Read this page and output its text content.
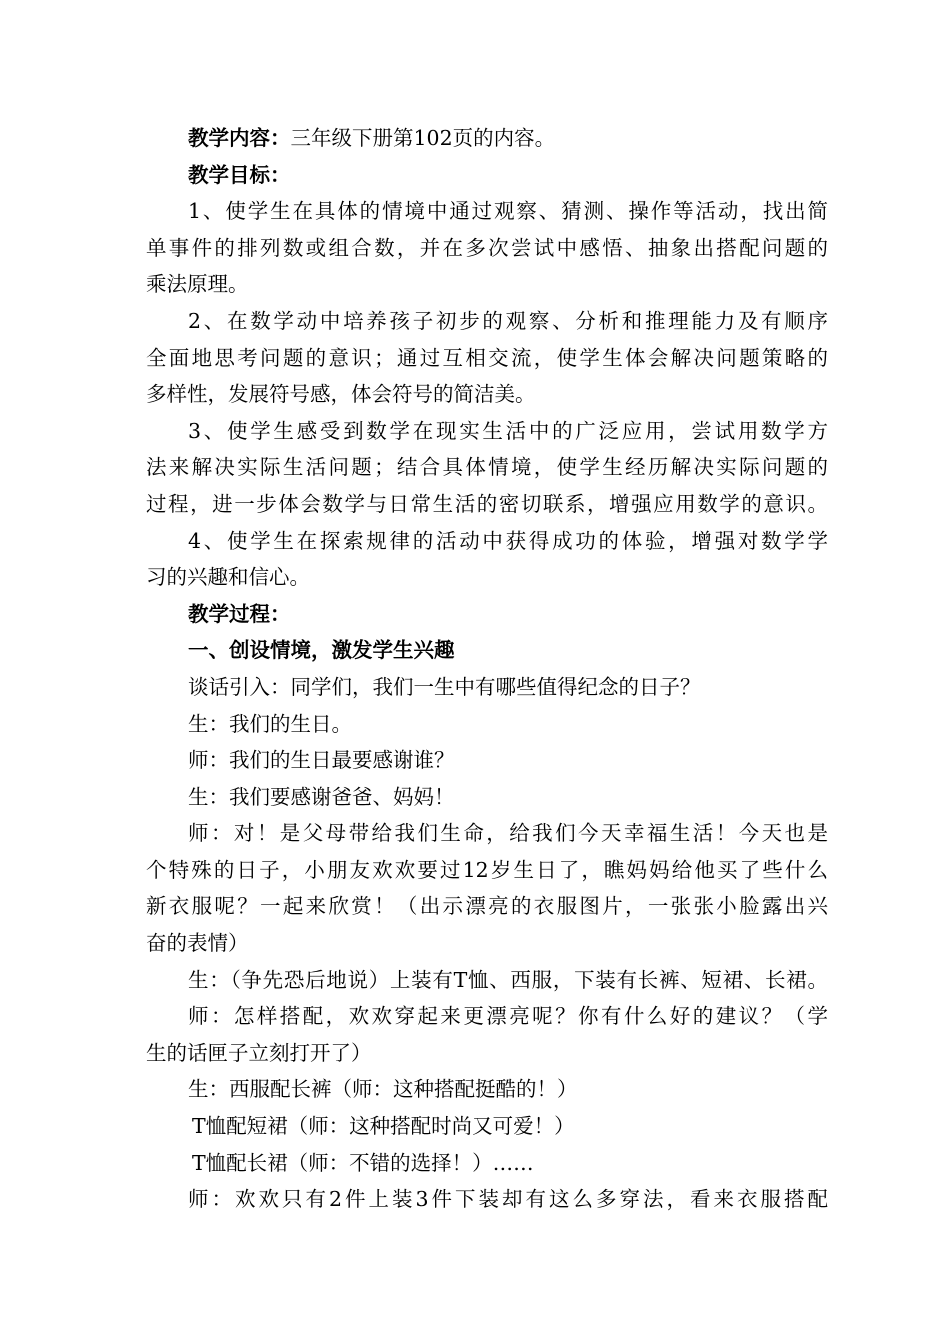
教学内容：三年级下册第102页的内容。
教学目标：
1、使学生在具体的情境中通过观察、猜测、操作等活动，找出简
单事件的排列数或组合数，并在多次尝试中感悟、抽象出搭配问题的
乘法原理。
2、在数学动中培养孩子初步的观察、分析和推理能力及有顺序
全面地思考问题的意识；通过互相交流，使学生体会解决问题策略的
多样性，发展符号感，体会符号的简洁美。
3、使学生感受到数学在现实生活中的广泛应用，尝试用数学方
法来解决实际生活问题；结合具体情境，使学生经历解决实际问题的
过程，进一步体会数学与日常生活的密切联系，增强应用数学的意识。
4、使学生在探索规律的活动中获得成功的体验，增强对数学学
习的兴趣和信心。
教学过程：
一、创设情境，激发学生兴趣
谈话引入：同学们，我们一生中有哪些值得纪念的日子？
生：我们的生日。
师：我们的生日最要感谢谁？
生：我们要感谢爸爸、妈妈！
师：对！是父母带给我们生命，给我们今天幸福生活！今天也是
个特殊的日子，小朋友欢欢要过12岁生日了，瞧妈妈给他买了些什么
新衣服呢？一起来欣赏！（出示漂亮的衣服图片，一张张小脸露出兴
奋的表情）
生：（争先恐后地说）上装有T恤、西服，下装有长裤、短裙、长裙。
师：怎样搭配，欢欢穿起来更漂亮呢？你有什么好的建议？（学
生的话匣子立刻打开了）
生：西服配长裤（师：这种搭配挺酷的！）
T恤配短裙（师：这种搭配时尚又可爱！）
T恤配长裙（师：不错的选择！）……
师：欢欢只有2件上装3件下装却有这么多穿法，看来衣服搭配
